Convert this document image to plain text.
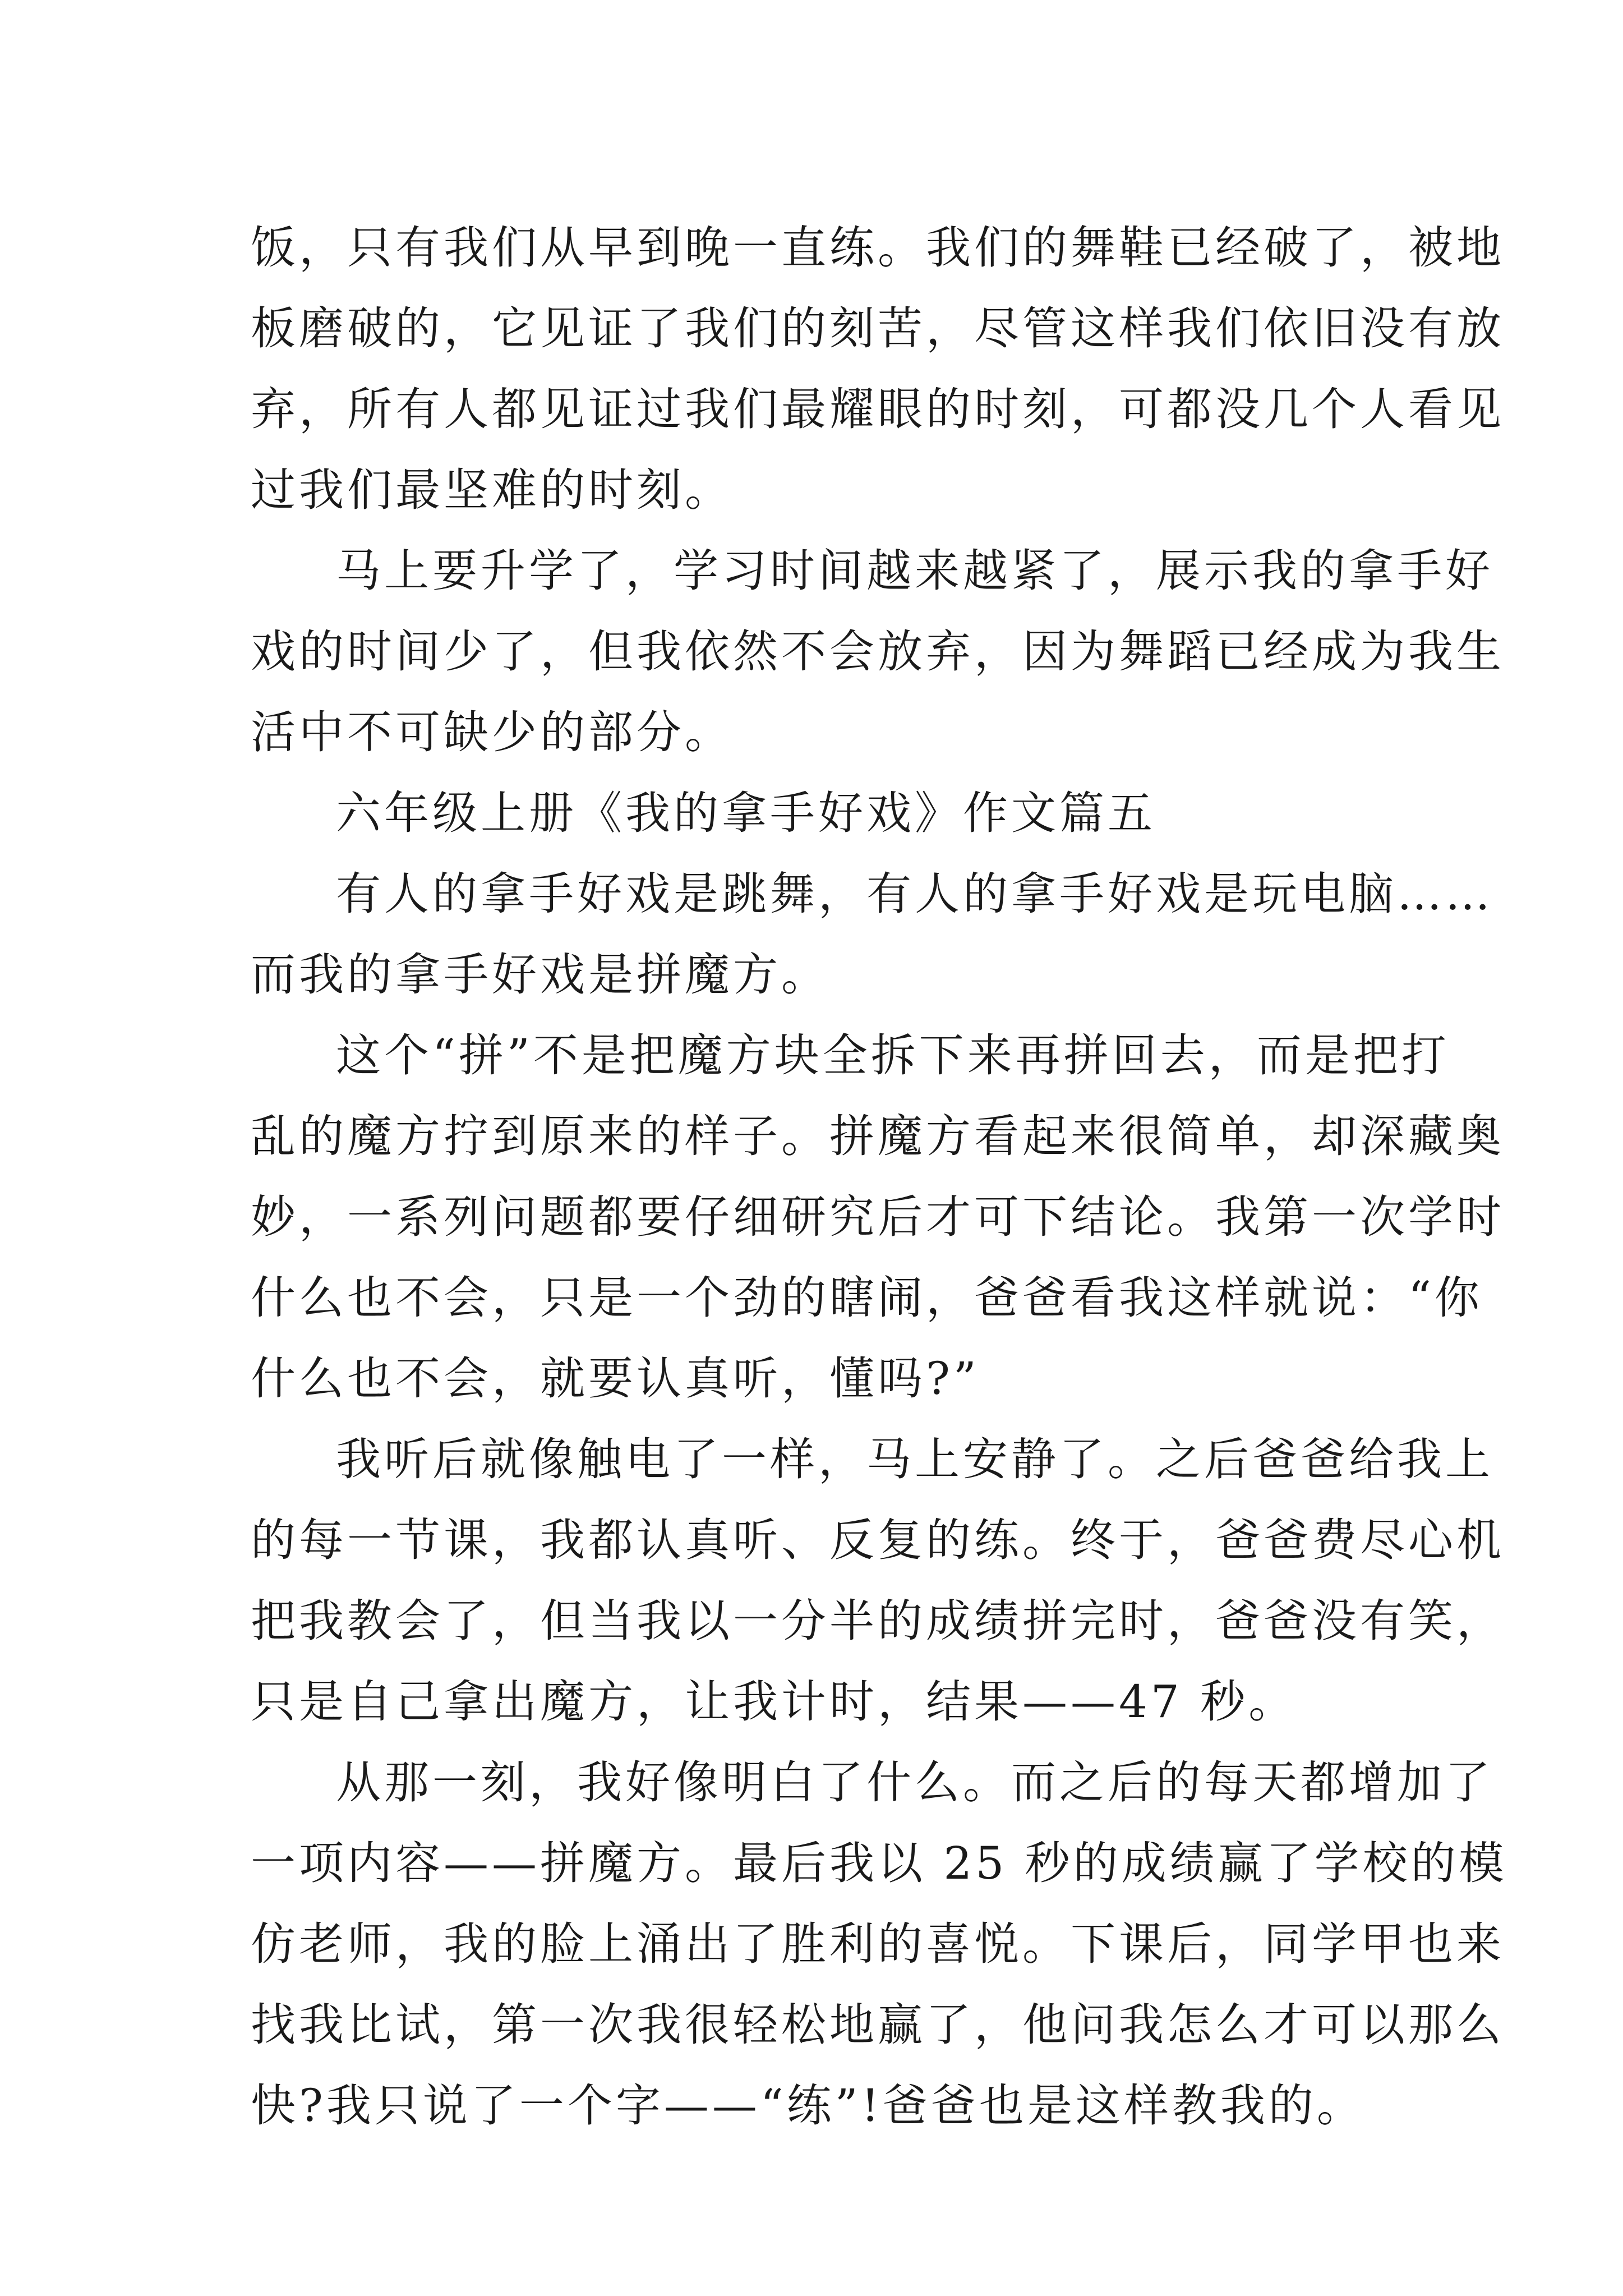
饭，只有我们从早到晚一直练。我们的舞鞋已经破了，被地
板磨破的，它见证了我们的刻苦，尽管这样我们依旧没有放
弃，所有人都见证过我们最耀眼的时刻，可都没几个人看见
过我们最坚难的时刻。
马上要升学了，学习时间越来越紧了，展示我的拿手好
戏的时间少了，但我依然不会放弃，因为舞蹈已经成为我生
活中不可缺少的部分。
六年级上册《我的拿手好戏》作文篇五
有人的拿手好戏是跳舞，有人的拿手好戏是玩电脑……
而我的拿手好戏是拼魔方。
这个“拼”不是把魔方块全拆下来再拼回去，而是把打
乱的魔方拧到原来的样子。拼魔方看起来很简单，却深藏奥
妙，一系列问题都要仔细研究后才可下结论。我第一次学时
什么也不会，只是一个劲的瞎闹，爸爸看我这样就说：“你
什么也不会，就要认真听，懂吗?”
我听后就像触电了一样，马上安静了。之后爸爸给我上
的每一节课，我都认真听、反复的练。终于，爸爸费尽心机
把我教会了，但当我以一分半的成绩拼完时，爸爸没有笑，
只是自己拿出魔方，让我计时，结果——47 秒。
从那一刻，我好像明白了什么。而之后的每天都增加了
一项内容——拼魔方。最后我以 25 秒的成绩赢了学校的模
仿老师，我的脸上涌出了胜利的喜悦。下课后，同学甲也来
找我比试，第一次我很轻松地赢了，他问我怎么才可以那么
快?我只说了一个字——“练”!爸爸也是这样教我的。
